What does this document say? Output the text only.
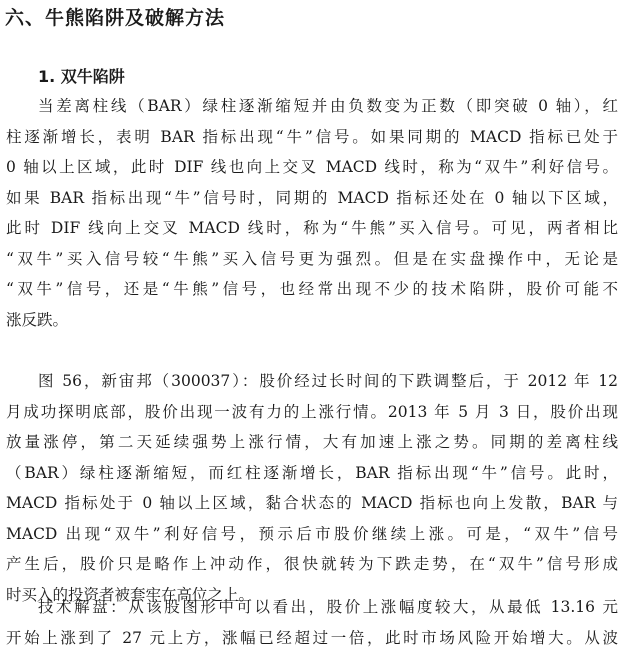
六、牛熊陷阱及破解方法
1. 双牛陷阱
当差离柱线（BAR）绿柱逐渐缩短并由负数变为正数（即突破 0 轴），红
柱逐渐增长，表明 BAR 指标出现“牛”信号。如果同期的 MACD 指标已处于
0 轴以上区域，此时 DIF 线也向上交叉 MACD 线时，称为“双牛”利好信号。
如果 BAR 指标出现“牛”信号时，同期的 MACD 指标还处在 0 轴以下区域，
此时 DIF 线向上交叉 MACD 线时，称为“牛熊”买入信号。可见，两者相比
“双牛”买入信号较“牛熊”买入信号更为强烈。但是在实盘操作中，无论是
“双牛”信号，还是“牛熊”信号，也经常出现不少的技术陷阱，股价可能不
涨反跌。
图 56，新宙邦（300037）：股价经过长时间的下跌调整后，于 2012 年 12
月成功探明底部，股价出现一波有力的上涨行情。2013 年 5 月 3 日，股价出现
放量涨停，第二天延续强势上涨行情，大有加速上涨之势。同期的差离柱线
（BAR）绿柱逐渐缩短，而红柱逐渐增长，BAR 指标出现“牛”信号。此时，
MACD 指标处于 0 轴以上区域，黏合状态的 MACD 指标也向上发散，BAR 与
MACD 出现“双牛”利好信号，预示后市股价继续上涨。可是，“双牛”信号
产生后，股价只是略作上冲动作，很快就转为下跌走势，在“双牛”信号形成
时买入的投资者被套牢在高位之上。
技术解盘：从该股图形中可以看出，股价上涨幅度较大，从最低 13.16 元
开始上涨到了 27 元上方，涨幅已经超过一倍，此时市场风险开始增大。从波
